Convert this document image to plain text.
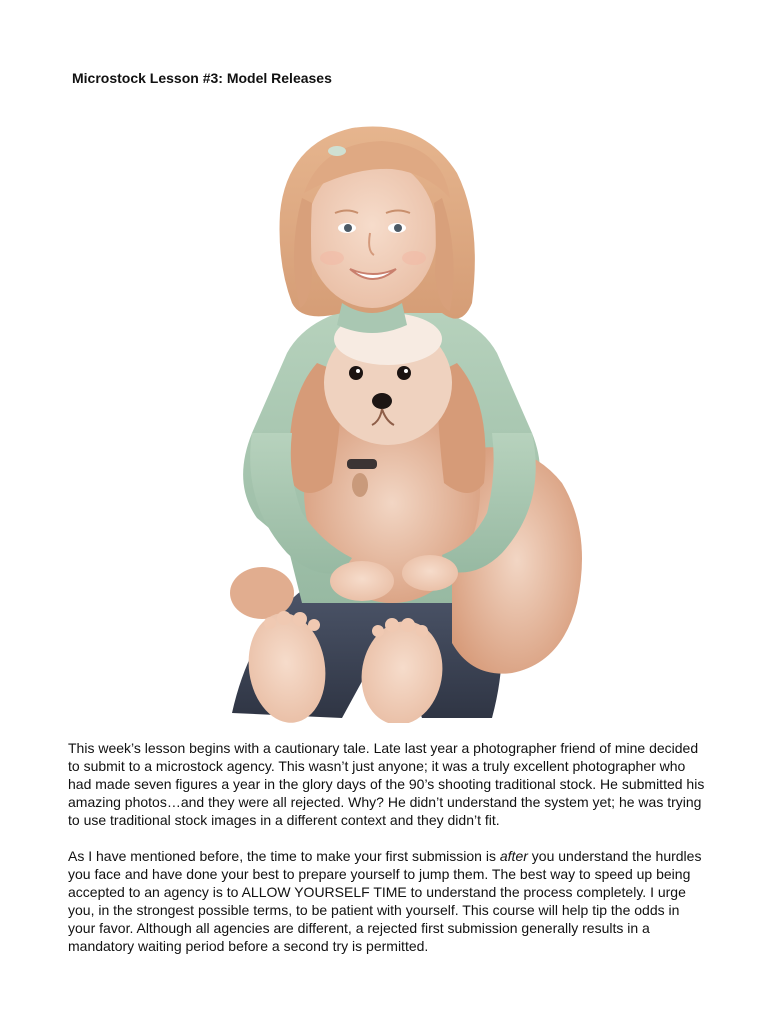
Microstock Lesson #3: Model Releases

This week’s lesson begins with a cautionary tale. Late last year a photographer friend of mine decided to submit to a microstock agency. This wasn’t just anyone; it was a truly excellent photographer who had made seven figures a year in the glory days of the 90’s shooting traditional stock. He submitted his amazing photos…and they were all rejected. Why? He didn’t understand the system yet; he was trying to use traditional stock images in a different context and they didn’t fit.

As I have mentioned before, the time to make your first submission is after you understand the hurdles you face and have done your best to prepare yourself to jump them. The best way to speed up being accepted to an agency is to ALLOW YOURSELF TIME to understand the process completely. I urge you, in the strongest possible terms, to be patient with yourself. This course will help tip the odds in your favor. Although all agencies are different, a rejected first submission generally results in a mandatory waiting period before a second try is permitted.
